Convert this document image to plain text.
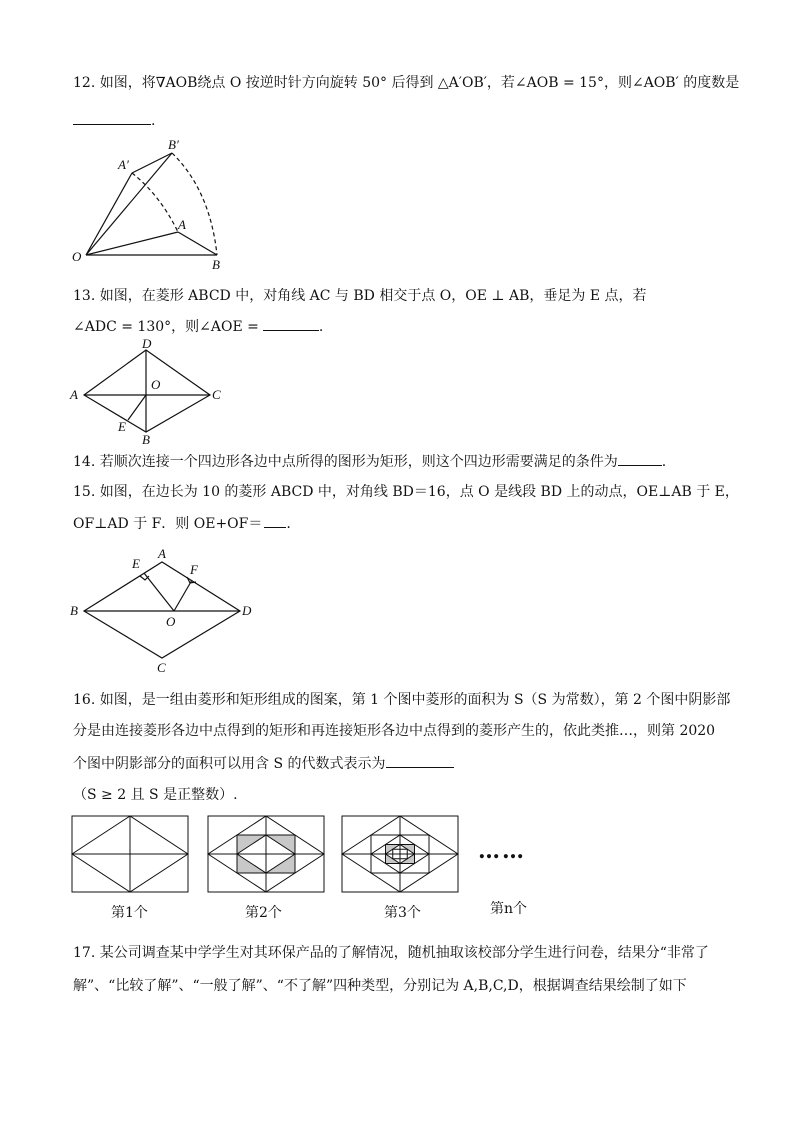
12. 如图，将∇AOB绕点 O 按逆时针方向旋转 50° 后得到 △A′OB′，若∠AOB = 15°，则∠AOB′ 的度数是
.
O
A
B
A′
B′
13. 如图，在菱形 ABCD 中，对角线 AC 与 BD 相交于点 O，OE ⊥ AB，垂足为 E 点，若
∠ADC = 130°，则∠AOE =	.
A
D
C
B
O
E
14. 若顺次连接一个四边形各边中点所得的图形为矩形，则这个四边形需要满足的条件为	.
15. 如图，在边长为 10 的菱形 ABCD 中，对角线 BD＝16，点 O 是线段 BD 上的动点，OE⊥AB 于 E，
OF⊥AD 于 F．则 OE+OF＝ .
A
B	D
C
O
E	F
16. 如图，是一组由菱形和矩形组成的图案，第 1 个图中菱形的面积为 S（S 为常数），第 2 个图中阴影部
分是由连接菱形各边中点得到的矩形和再连接矩形各边中点得到的菱形产生的，依此类推…，则第 2020
个图中阴影部分的面积可以用含 S 的代数式表示为
（S ≥ 2 且 S 是正整数）.
……
第1个	第2个	第3个	第n个
17. 某公司调查某中学学生对其环保产品的了解情况，随机抽取该校部分学生进行问卷，结果分“非常了
解”、“比较了解”、“一般了解”、“不了解”四种类型，分别记为 A,B,C,D，根据调查结果绘制了如下
